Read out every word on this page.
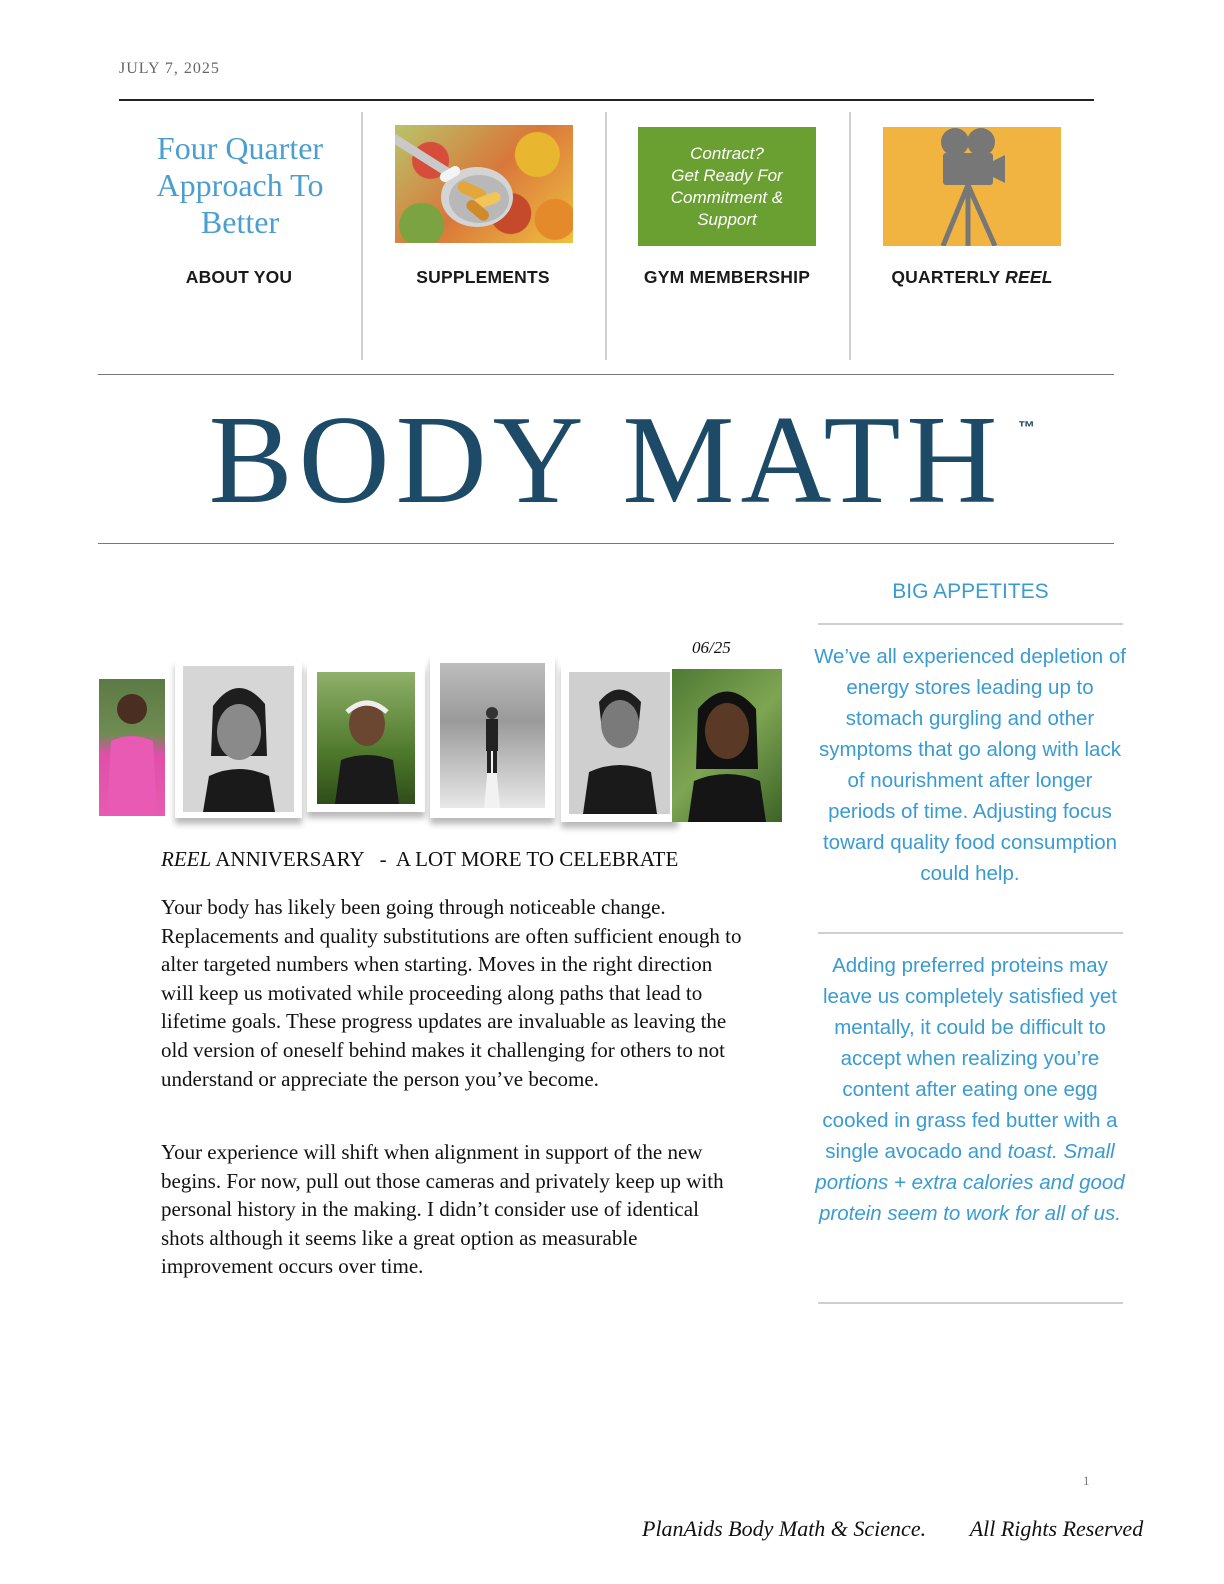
JULY 7, 2025
Four Quarter Approach To Better
ABOUT YOU	SUPPLEMENTS
Contract?
Get Ready For
Commitment &
Support
GYM MEMBERSHIP	QUARTERLY REEL
BODY MATH ™
BIG APPETITES
We’ve all experienced depletion of energy stores leading up to stomach gurgling and other symptoms that go along with lack of nourishment after longer periods of time. Adjusting focus toward quality food consumption could help.
Adding preferred proteins may leave us completely satisfied yet mentally, it could be difficult to accept when realizing you’re content after eating one egg cooked in grass fed butter with a single avocado and toast. Small portions + extra calories and good protein seem to work for all of us.
06/25
REEL ANNIVERSARY   -  A LOT MORE TO CELEBRATE
Your body has likely been going through noticeable change. Replacements and quality substitutions are often sufficient enough to alter targeted numbers when starting. Moves in the right direction will keep us motivated while proceeding along paths that lead to lifetime goals. These progress updates are invaluable as leaving the old version of oneself behind makes it challenging for others to not understand or appreciate the person you’ve become.
Your experience will shift when alignment in support of the new begins. For now, pull out those cameras and privately keep up with personal history in the making. I didn’t consider use of identical shots although it seems like a great option as measurable improvement occurs over time.
1
PlanAids Body Math & Science.        All Rights Reserved
